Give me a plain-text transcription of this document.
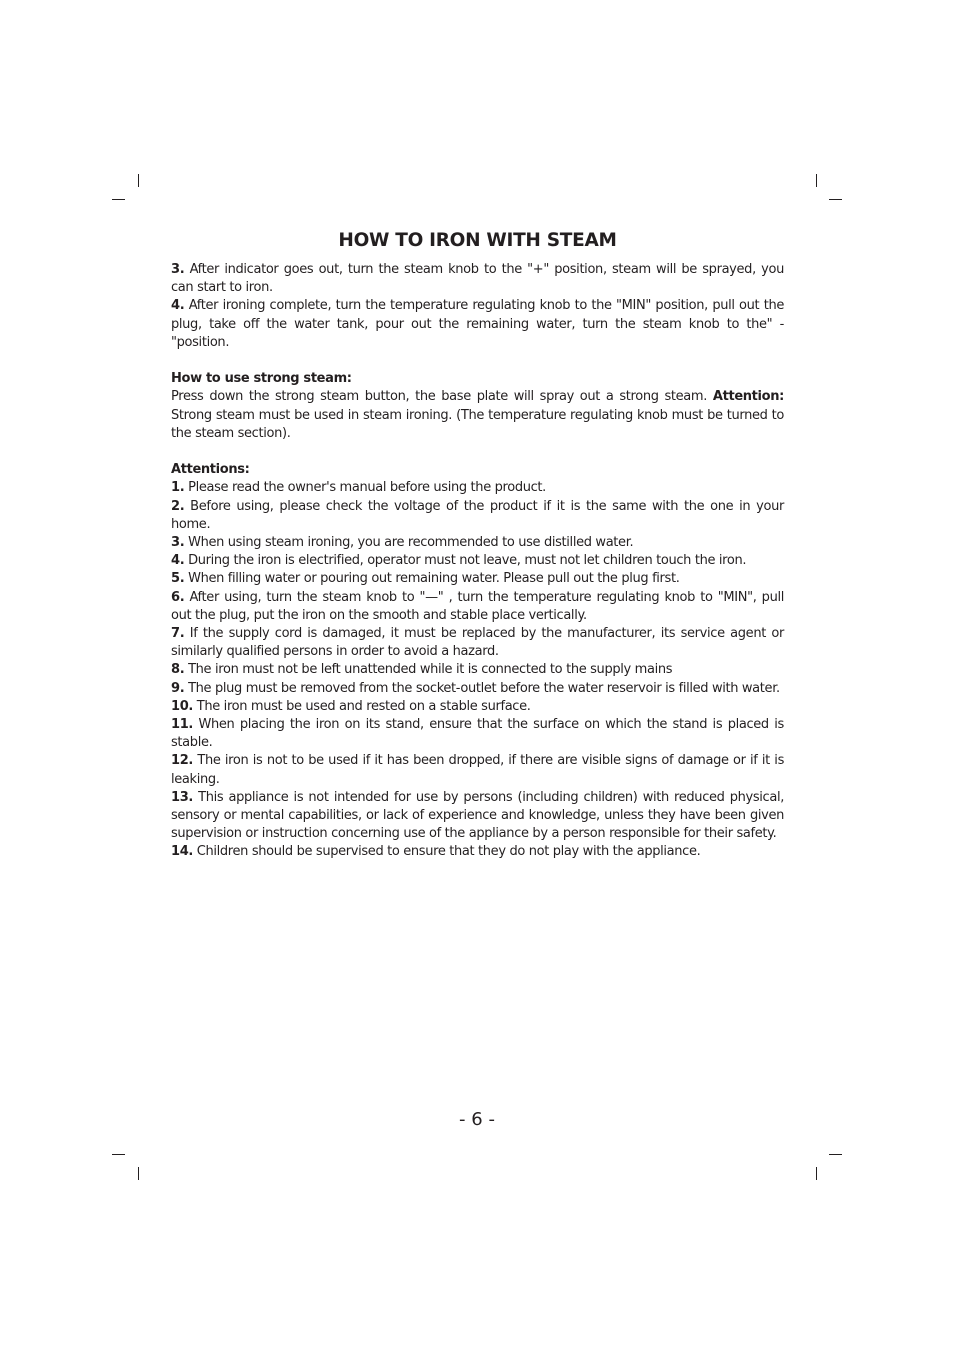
HOW TO IRON WITH STEAM

3. After indicator goes out, turn the steam knob to the "+" position, steam will be sprayed, you can start to iron.

4. After ironing complete, turn the temperature regulating knob to the "MIN" position, pull out the plug, take off the water tank, pour out the remaining water, turn the steam knob to the" - "position.

How to use strong steam:

Press down the strong steam button, the base plate will spray out a strong steam. Attention: Strong steam must be used in steam ironing. (The temperature regulating knob must be turned to the steam section).

Attentions:

1. Please read the owner's manual before using the product.

2. Before using, please check the voltage of the product if it is the same with the one in your home.

3. When using steam ironing, you are recommended to use distilled water.

4. During the iron is electrified, operator must not leave, must not let children touch the iron.

5. When filling water or pouring out remaining water. Please pull out the plug first.

6. After using, turn the steam knob to "—" , turn the temperature regulating knob to "MIN", pull out the plug, put the iron on the smooth and stable place vertically.

7. If the supply cord is damaged, it must be replaced by the manufacturer, its service agent or similarly qualified persons in order to avoid a hazard.

8. The iron must not be left unattended while it is connected to the supply mains

9. The plug must be removed from the socket-outlet before the water reservoir is filled with water.

10. The iron must be used and rested on a stable surface.

11. When placing the iron on its stand, ensure that the surface on which the stand is placed is stable.

12. The iron is not to be used if it has been dropped, if there are visible signs of damage or if it is leaking.

13. This appliance is not intended for use by persons (including children) with reduced physical, sensory or mental capabilities, or lack of experience and knowledge, unless they have been given supervision or instruction concerning use of the appliance by a person responsible for their safety.

14. Children should be supervised to ensure that they do not play with the appliance.

- 6 -
